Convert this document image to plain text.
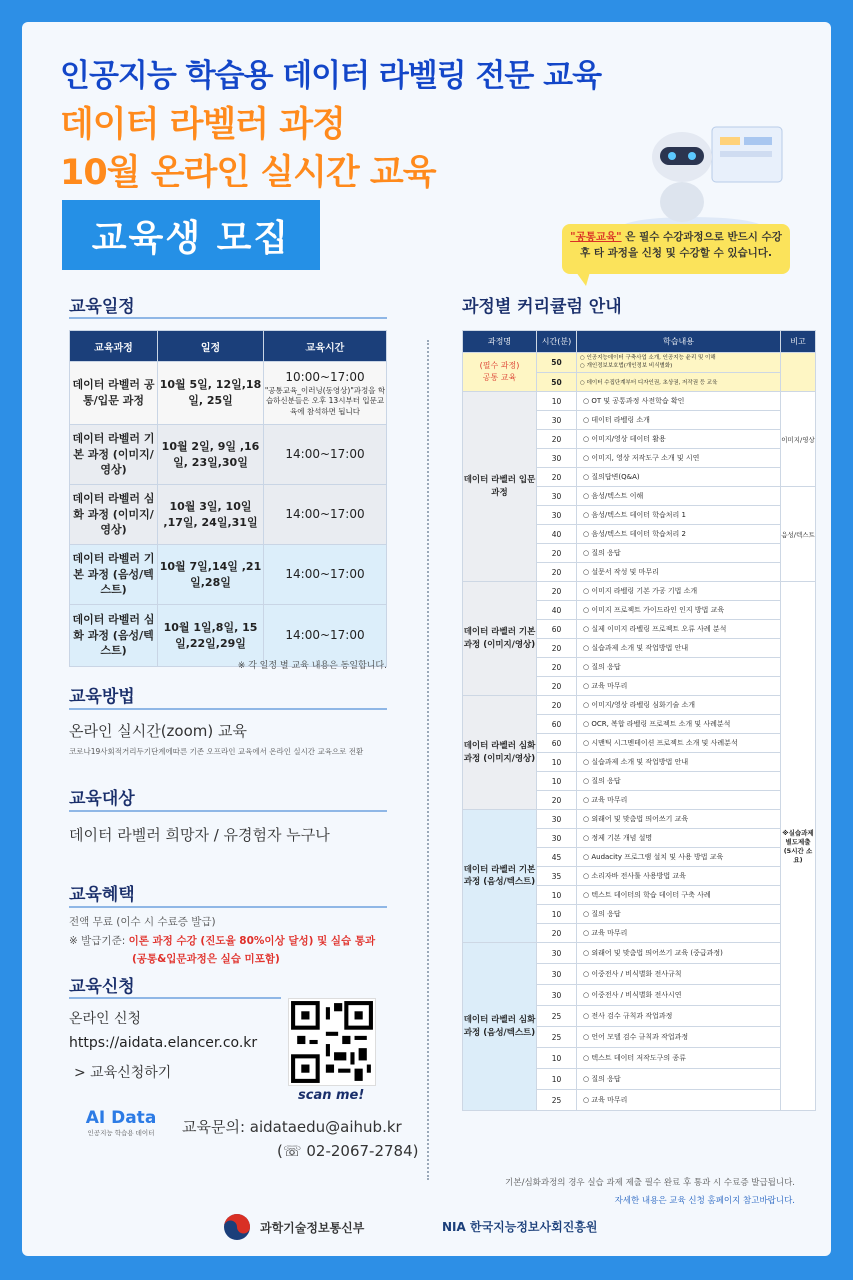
인공지능 학습용 데이터 라벨링 전문 교육
데이터 라벨러 과정
10월 온라인 실시간 교육
교육생 모집	"공통교육" 은 필수 수강과정으로 반드시 수강 후 타 과정을 신청 및 수강할 수 있습니다.
교육일정
교육과정	일정	교육시간
데이터 라벨러 공통/입문 과정	10월 5일, 12일,18일, 25일	10:00~17:00
"공통교육_이러닝(동영상)"과정을 학습하신분들은 오후 13시부터 입문교육에 참석하면 됩니다

데이터 라벨러 기본 과정 (이미지/영상)	10월 2일, 9일 ,16일, 23일,30일	14:00~17:00
데이터 라벨러 심화 과정 (이미지/영상)	10월 3일, 10일 ,17일, 24일,31일	14:00~17:00
데이터 라벨러 기본 과정 (음성/텍스트)	10월 7일,14일 ,21일,28일	14:00~17:00
데이터 라벨러 심화 과정 (음성/텍스트)	10월 1일,8일, 15일,22일,29일	14:00~17:00
※ 각 일정 별 교육 내용은 동일합니다.
교육방법
온라인 실시간(zoom) 교육
코로나19사회적거리두기단계에따른 기존 오프라인 교육에서 온라인 실시간 교육으로 전환
교육대상
데이터 라벨러 희망자 / 유경험자 누구나
교육혜택
전액 무료 (이수 시 수료증 발급)
※ 발급기준: 이론 과정 수강 (진도율 80%이상 달성) 및 실습 통과
(공통&입문과정은 실습 미포함)
교육신청
온라인 신청
https://aidata.elancer.co.kr
> 교육신청하기
scan me!
AI Data
인공지능 학습용 데이터	교육문의: aidataedu@aihub.kr
(☏ 02-2067-2784)
과정별 커리큘럼 안내
과정명	시간(분)	학습내용	비고
(필수 과정)
공통 교육	50	○ 인공지능데이터 구축사업 소개, 인공지능 윤리 및 이해
○ 개인정보보호법(개인정보 비식별화)	
	50	○ 데이터 수집단계부터 디자인권, 초상권, 저작권 등 교육	
데이터 라벨러 입문 과정	10	○ OT 및 공통과정 사전학습 확인	이미지/영상
	30	○ 데이터 라벨링 소개	
	20	○ 이미지/영상 데이터 활용	
	30	○ 이미지, 영상 저작도구 소개 및 시연	
	20	○ 질의답변(Q&A)	
	30	○ 음성/텍스트 이해	음성/텍스트
	30	○ 음성/텍스트 데이터 학습처리 1	
	40	○ 음성/텍스트 데이터 학습처리 2	
	20	○ 질의 응답	
	20	○ 설문서 작성 및 마무리	
데이터 라벨러 기본 과정 (이미지/영상)	20	○ 이미지 라벨링 기본 가공 기법 소개	※실습과제 별도제출 (5시간 소요)
	40	○ 이미지 프로젝트 가이드라인 인지 방법 교육	
	60	○ 실제 이미지 라벨링 프로젝트 오류 사례 분석	
	20	○ 실습과제 소개 및 작업방법 안내	
	20	○ 질의 응답	
	20	○ 교육 마무리	
데이터 라벨러 심화 과정 (이미지/영상)	20	○ 이미지/영상 라벨링 심화기술 소개	
	60	○ OCR, 복합 라벨링 프로젝트 소개 및 사례분석	
	60	○ 시맨틱 시그멘테이션 프로젝트 소개 및 사례분석	
	10	○ 실습과제 소개 및 작업방법 안내	
	10	○ 질의 응답	
	20	○ 교육 마무리	
데이터 라벨러 기본 과정 (음성/텍스트)	30	○ 외래어 및 맞춤법 띄어쓰기 교육	
	30	○ 정제 기본 개념 설명	
	45	○ Audacity 프로그램 설치 및 사용 방법 교육	
	35	○ 소리자바 전사툴 사용방법 교육	
	10	○ 텍스트 데이터의 학습 데이터 구축 사례	
	10	○ 질의 응답	
	20	○ 교육 마무리	
데이터 라벨러 심화 과정 (음성/텍스트)	30	○ 외래어 및 맞춤법 띄어쓰기 교육 (중급과정)	
	30	○ 이중전사 / 비식별화 전사규칙	
	30	○ 이중전사 / 비식별화 전사시연	
	25	○ 전사 검수 규칙과 작업과정	
	25	○ 언어 모델 검수 규칙과 작업과정	
	10	○ 텍스트 데이터 저작도구의 종류	
	10	○ 질의 응답	
	25	○ 교육 마무리	
기본/심화과정의 경우 실습 과제 제출 필수 완료 후 통과 시 수료증 발급됩니다.
자세한 내용은 교육 신청 홈페이지 참고바랍니다.
과학기술정보통신부	NIA 한국지능정보사회진흥원
